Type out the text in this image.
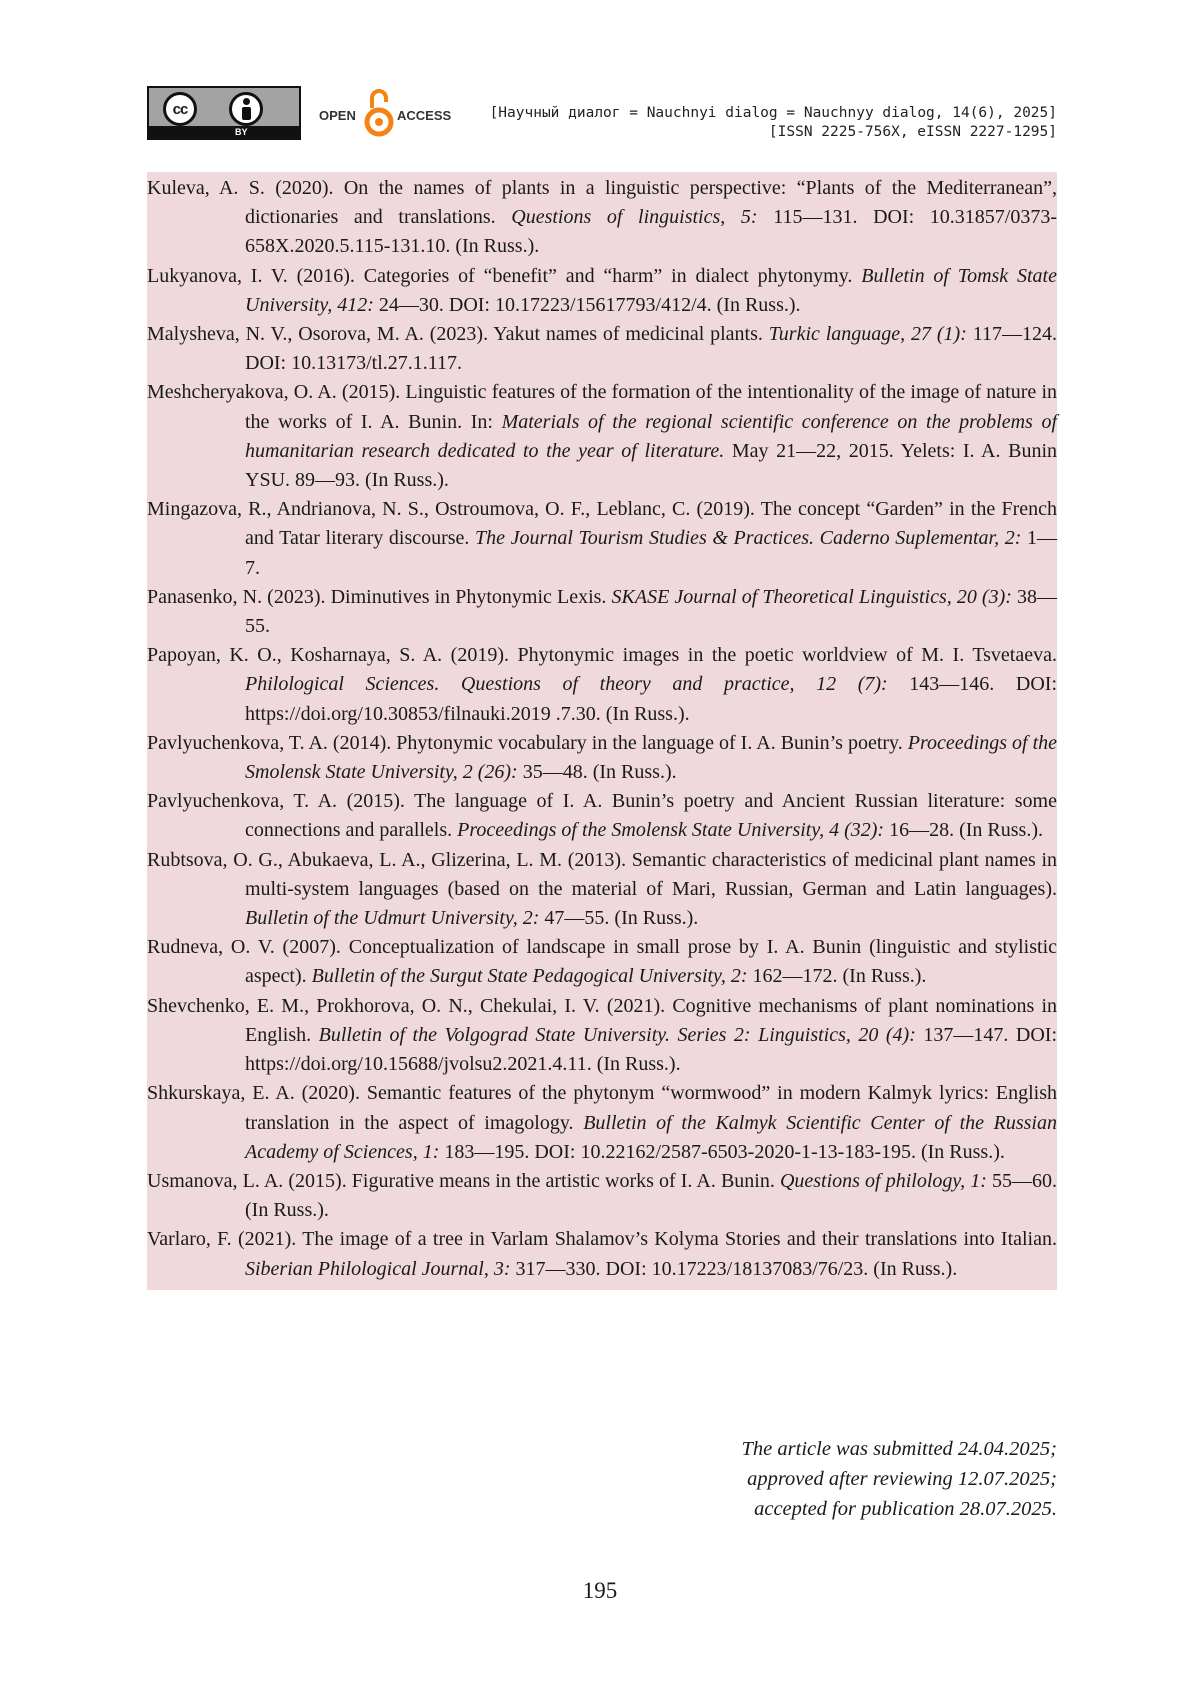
cc
BY
OPEN	ACCESS	[Научный диалог = Nauchnyi dialog = Nauchnyy dialog, 14(6), 2025]
[ISSN 2225-756X, eISSN 2227-1295]

Kuleva, A. S. (2020). On the names of plants in a linguistic perspective: “Plants of the Mediterranean”, dictionaries and translations. Questions of linguistics, 5: 115—131. DOI: 10.31857/0373-658X.2020.5.115-131.10. (In Russ.).

Lukyanova, I. V. (2016). Categories of “benefit” and “harm” in dialect phytonymy. Bulletin of Tomsk State University, 412: 24—30. DOI: 10.17223/15617793/412/4. (In Russ.).

Malysheva, N. V., Osorova, M. A. (2023). Yakut names of medicinal plants. Turkic language, 27 (1): 117—124. DOI: 10.13173/tl.27.1.117.

Meshcheryakova, O. A. (2015). Linguistic features of the formation of the intentionality of the image of nature in the works of I. A. Bunin. In: Materials of the regional scientific conference on the problems of humanitarian research dedicated to the year of literature. May 21—22, 2015. Yelets: I. A. Bunin YSU. 89—93. (In Russ.).

Mingazova, R., Andrianova, N. S., Ostroumova, O. F., Leblanc, C. (2019). The concept “Garden” in the French and Tatar literary discourse. The Journal Tourism Studies & Practices. Caderno Suplementar, 2: 1—7.

Panasenko, N. (2023). Diminutives in Phytonymic Lexis. SKASE Journal of Theoretical Linguistics, 20 (3): 38—55.

Papoyan, K. O., Kosharnaya, S. A. (2019). Phytonymic images in the poetic worldview of M. I. Tsvetaeva. Philological Sciences. Questions of theory and practice, 12 (7): 143—146. DOI: https://doi.org/10.30853/filnauki.2019 .7.30. (In Russ.).

Pavlyuchenkova, T. A. (2014). Phytonymic vocabulary in the language of I. A. Bunin’s poetry. Proceedings of the Smolensk State University, 2 (26): 35—48. (In Russ.).

Pavlyuchenkova, T. A. (2015). The language of I. A. Bunin’s poetry and Ancient Russian literature: some connections and parallels. Proceedings of the Smolensk State University, 4 (32): 16—28. (In Russ.).

Rubtsova, O. G., Abukaeva, L. A., Glizerina, L. M. (2013). Semantic characteristics of medicinal plant names in multi-system languages (based on the material of Mari, Russian, German and Latin languages). Bulletin of the Udmurt University, 2: 47—55. (In Russ.).

Rudneva, O. V. (2007). Conceptualization of landscape in small prose by I. A. Bunin (linguistic and stylistic aspect). Bulletin of the Surgut State Pedagogical University, 2: 162—172. (In Russ.).

Shevchenko, E. M., Prokhorova, O. N., Chekulai, I. V. (2021). Cognitive mechanisms of plant nominations in English. Bulletin of the Volgograd State University. Series 2: Linguistics, 20 (4): 137—147. DOI: https://doi.org/10.15688/jvolsu2.2021.4.11. (In Russ.).

Shkurskaya, E. A. (2020). Semantic features of the phytonym “wormwood” in modern Kalmyk lyrics: English translation in the aspect of imagology. Bulletin of the Kalmyk Scientific Center of the Russian Academy of Sciences, 1: 183—195. DOI: 10.22162/2587-6503-2020-1-13-183-195. (In Russ.).

Usmanova, L. A. (2015). Figurative means in the artistic works of I. A. Bunin. Questions of philology, 1: 55—60. (In Russ.).

Varlaro, F. (2021). The image of a tree in Varlam Shalamov’s Kolyma Stories and their translations into Italian. Siberian Philological Journal, 3: 317—330. DOI: 10.17223/18137083/76/23. (In Russ.).

The article was submitted 24.04.2025;
approved after reviewing 12.07.2025;
accepted for publication 28.07.2025.
195
